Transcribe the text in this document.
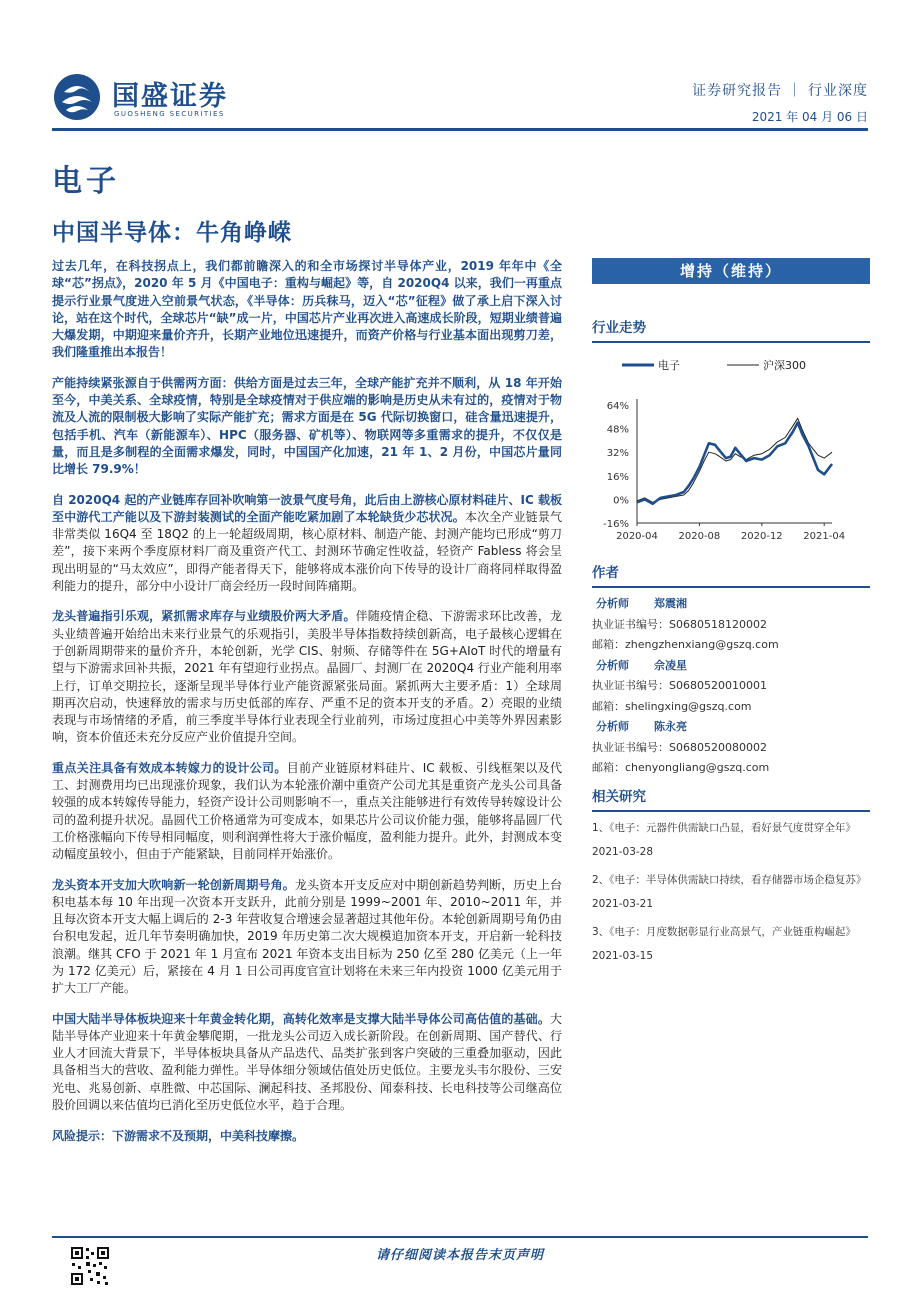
国盛证券
GUOSHENG SECURITIES
证券研究报告 ｜ 行业深度
2021 年 04 月 06 日
电子
中国半导体：牛角峥嵘

过去几年，在科技拐点上，我们都前瞻深入的和全市场探讨半导体产业，2019 年年中《全球“芯”拐点》，2020 年 5 月《中国电子：重构与崛起》等，自 2020Q4 以来，我们一再重点提示行业景气度进入空前景气状态，《半导体：历兵秣马，迈入“芯”征程》做了承上启下深入讨论，站在这个时代，全球芯片“缺”成一片，中国芯片产业再次进入高速成长阶段，短期业绩普遍大爆发期，中期迎来量价齐升，长期产业地位迅速提升，而资产价格与行业基本面出现剪刀差，我们隆重推出本报告！

产能持续紧张源自于供需两方面：供给方面是过去三年，全球产能扩充并不顺利，从 18 年开始至今，中美关系、全球疫情，特别是全球疫情对于供应端的影响是历史从未有过的，疫情对于物流及人流的限制极大影响了实际产能扩充；需求方面是在 5G 代际切换窗口，硅含量迅速提升，包括手机、汽车（新能源车）、HPC（服务器、矿机等）、物联网等多重需求的提升，不仅仅是量，而且是多制程的全面需求爆发，同时，中国国产化加速，21 年 1、2 月份，中国芯片量同比增长 79.9%！

自 2020Q4 起的产业链库存回补吹响第一波景气度号角，此后由上游核心原材料硅片、IC 载板至中游代工产能以及下游封装测试的全面产能吃紧加剧了本轮缺货少芯状况。本次全产业链景气非常类似 16Q4 至 18Q2 的上一轮超级周期，核心原材料、制造产能、封测产能均已形成“剪刀差”，接下来两个季度原材料厂商及重资产代工、封测环节确定性收益，轻资产 Fabless 将会呈现出明显的“马太效应”，即得产能者得天下，能够将成本涨价向下传导的设计厂商将同样取得盈利能力的提升，部分中小设计厂商会经历一段时间阵痛期。

龙头普遍指引乐观，紧抓需求库存与业绩股价两大矛盾。伴随疫情企稳、下游需求环比改善，龙头业绩普遍开始给出未来行业景气的乐观指引，美股半导体指数持续创新高，电子最核心逻辑在于创新周期带来的量价齐升，本轮创新，光学 CIS、射频、存储等件在 5G+AIoT 时代的增量有望与下游需求回补共振，2021 年有望迎行业拐点。晶圆厂、封测厂在 2020Q4 行业产能利用率上行，订单交期拉长，逐渐呈现半导体行业产能资源紧张局面。紧抓两大主要矛盾：1）全球周期再次启动，快速释放的需求与历史低部的库存、严重不足的资本开支的矛盾。2）亮眼的业绩表现与市场情绪的矛盾，前三季度半导体行业表现全行业前列，市场过度担心中美等外界因素影响，资本价值还未充分反应产业价值提升空间。

重点关注具备有效成本转嫁力的设计公司。目前产业链原材料硅片、IC 载板、引线框架以及代工、封测费用均已出现涨价现象，我们认为本轮涨价潮中重资产公司尤其是重资产龙头公司具备较强的成本转嫁传导能力，轻资产设计公司则影响不一，重点关注能够进行有效传导转嫁设计公司的盈利提升状况。晶圆代工价格通常为可变成本，如果芯片公司议价能力强，能够将晶圆厂代工价格涨幅向下传导相同幅度，则利润弹性将大于涨价幅度，盈利能力提升。此外，封测成本变动幅度虽较小，但由于产能紧缺，目前同样开始涨价。

龙头资本开支加大吹响新一轮创新周期号角。龙头资本开支反应对中期创新趋势判断，历史上台积电基本每 10 年出现一次资本开支跃升，此前分别是 1999~2001 年、2010~2011 年，并且每次资本开支大幅上调后的 2-3 年营收复合增速会显著超过其他年份。本轮创新周期号角仍由台积电发起，近几年节奏明确加快，2019 年历史第二次大规模追加资本开支，开启新一轮科技浪潮。继其 CFO 于 2021 年 1 月宣布 2021 年资本支出目标为 250 亿至 280 亿美元（上一年为 172 亿美元）后，紧接在 4 月 1 日公司再度官宣计划将在未来三年内投资 1000 亿美元用于扩大工厂产能。

中国大陆半导体板块迎来十年黄金转化期，高转化效率是支撑大陆半导体公司高估值的基础。大陆半导体产业迎来十年黄金攀爬期，一批龙头公司迈入成长新阶段。在创新周期、国产替代、行业人才回流大背景下，半导体板块具备从产品迭代、品类扩张到客户突破的三重叠加驱动，因此具备相当大的营收、盈利能力弹性。半导体细分领域估值处历史低位。主要龙头韦尔股份、三安光电、兆易创新、卓胜微、中芯国际、澜起科技、圣邦股份、闻泰科技、长电科技等公司继高位股价回调以来估值均已消化至历史低位水平，趋于合理。

风险提示：下游需求不及预期，中美科技摩擦。
增持（维持）
行业走势
电子	沪深300
64%
48%
32%
16%
0%
-16%
2020-04 2020-08 2020-12 2021-04
作者
分析师 郑震湘
执业证书编号：S0680518120002
邮箱：zhengzhenxiang@gszq.com
分析师 佘凌星
执业证书编号：S0680520010001
邮箱：shelingxing@gszq.com
分析师 陈永亮
执业证书编号：S0680520080002
邮箱：chenyongliang@gszq.com
相关研究
1、《电子：元器件供需缺口凸显，看好景气度贯穿全年》 2021-03-28
2、《电子：半导体供需缺口持续，看存储器市场企稳复苏》 2021-03-21
3、《电子：月度数据彰显行业高景气，产业链重构崛起》 2021-03-15
请仔细阅读本报告末页声明
